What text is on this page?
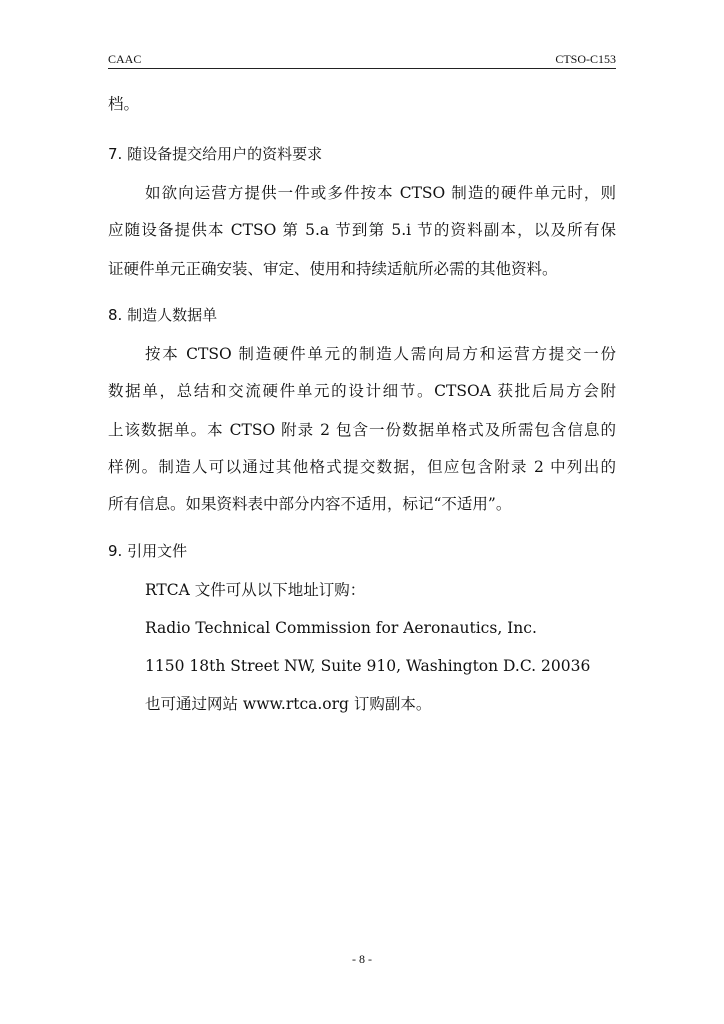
CAAC	CTSO-C153
档。
7. 随设备提交给用户的资料要求
如欲向运营方提供一件或多件按本 CTSO 制造的硬件单元时，则
应随设备提供本 CTSO 第 5.a 节到第 5.i 节的资料副本，以及所有保
证硬件单元正确安装、审定、使用和持续适航所必需的其他资料。
8. 制造人数据单
按本 CTSO 制造硬件单元的制造人需向局方和运营方提交一份
数据单，总结和交流硬件单元的设计细节。CTSOA 获批后局方会附
上该数据单。本 CTSO 附录 2 包含一份数据单格式及所需包含信息的
样例。制造人可以通过其他格式提交数据，但应包含附录 2 中列出的
所有信息。如果资料表中部分内容不适用，标记“不适用”。
9. 引用文件
RTCA 文件可从以下地址订购：
Radio Technical Commission for Aeronautics, Inc.
1150 18th Street NW, Suite 910, Washington D.C. 20036
也可通过网站 www.rtca.org 订购副本。
- 8 -
